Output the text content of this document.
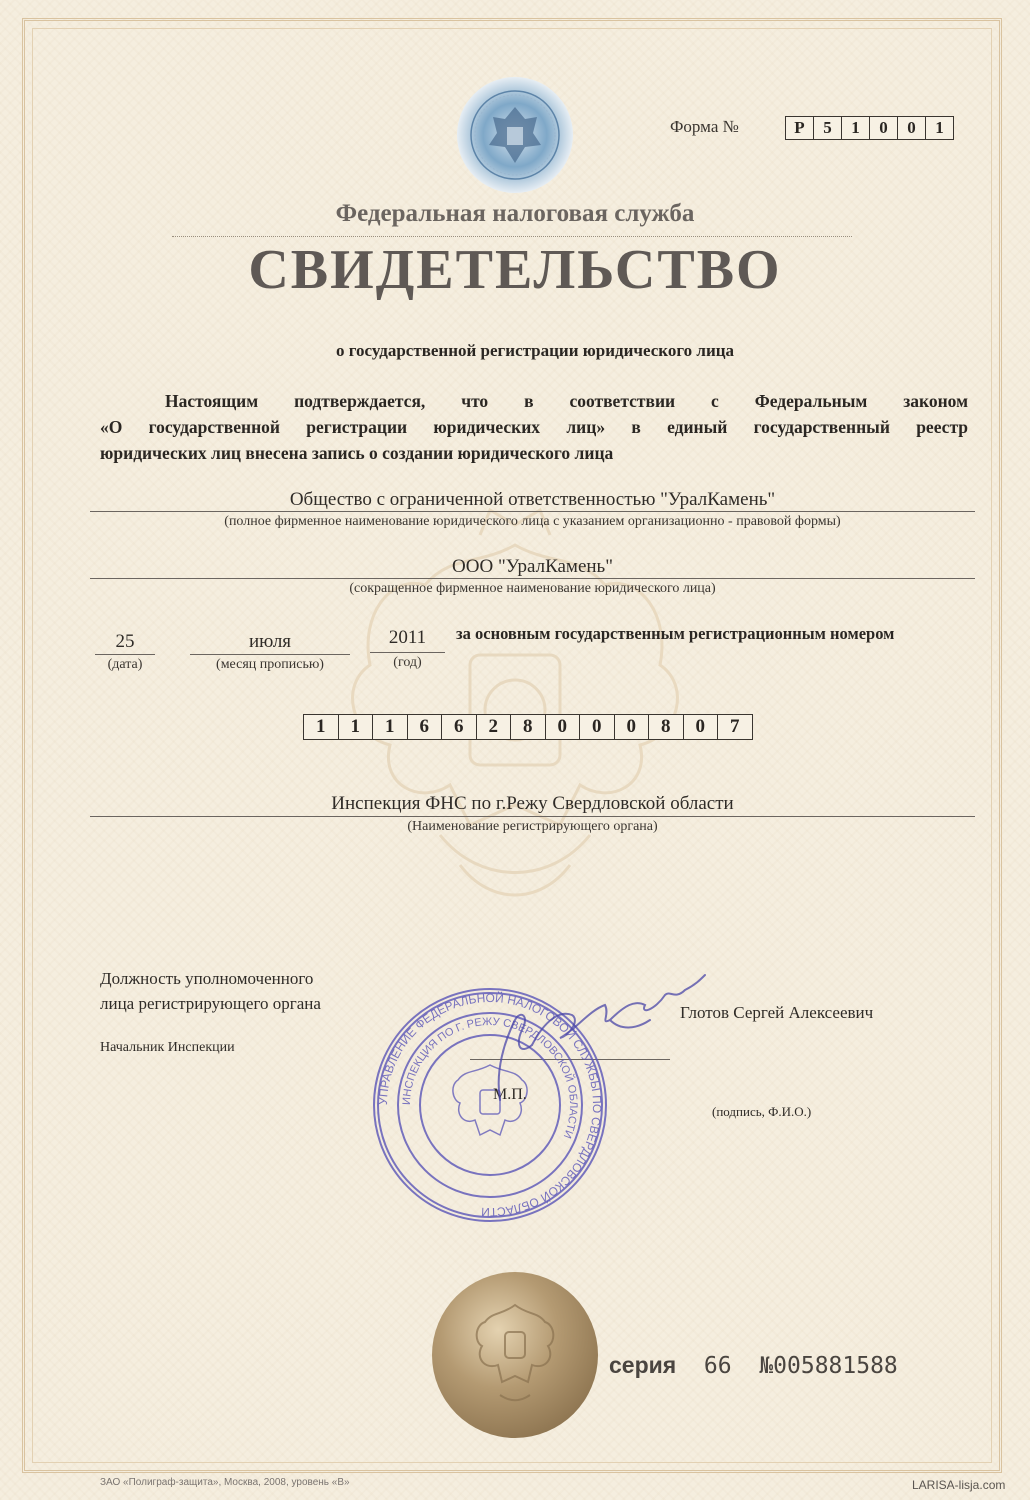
Форма №	Р	5	1	0	0	1
Федеральная налоговая служба
СВИДЕТЕЛЬСТВО
о государственной регистрации юридического лица

Настоящим подтверждается, что в соответствии с Федеральным законом

«О государственной регистрации юридических лиц» в единый государственный реестр

юридических лиц внесена запись о создании юридического лица

Общество с ограниченной ответственностью "УралКамень"
(полное фирменное наименование юридического лица с указанием организационно - правовой формы)
ООО "УралКамень"
(сокращенное фирменное наименование юридического лица)
25
(дата)
июля
(месяц прописью)
2011
(год)
за основным государственным регистрационным номером
1	1	1	6	6	2	8	0	0	0	8	0	7
Инспекция ФНС по г.Режу Свердловской области
(Наименование регистрирующего органа)
Должность уполномоченного
лица регистрирующего органа
Начальник Инспекции
Глотов Сергей Алексеевич
(подпись, Ф.И.О.)
УПРАВЛЕНИЕ ФЕДЕРАЛЬНОЙ НАЛОГОВОЙ СЛУЖБЫ ПО СВЕРДЛОВСКОЙ ОБЛАСТИ
ИНСПЕКЦИЯ ПО Г. РЕЖУ СВЕРДЛОВСКОЙ ОБЛАСТИ
М.П.
серия 66 №005881588
ЗАО «Полиграф-защита», Москва, 2008, уровень «В»	LARISA-lisja.com
